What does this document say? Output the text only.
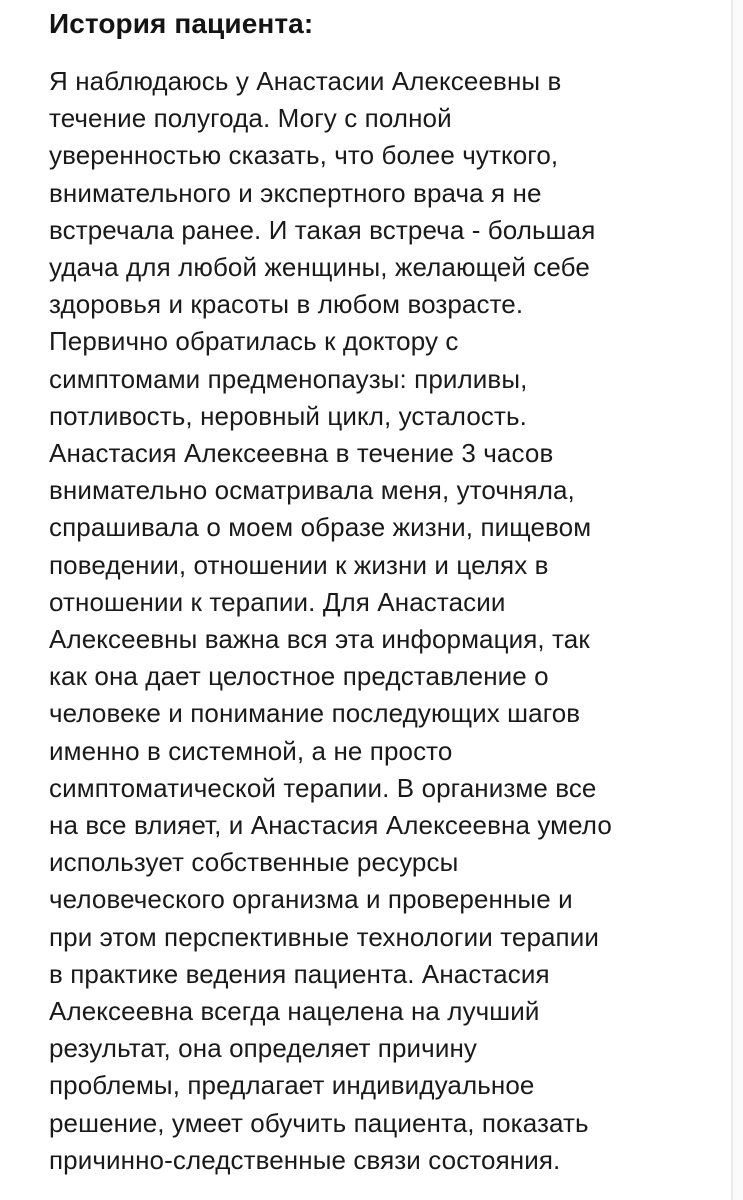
История пациента:
Я наблюдаюсь у Анастасии Алексеевны в
течение полугода. Могу с полной
уверенностью сказать, что более чуткого,
внимательного и экспертного врача я не
встречала ранее. И такая встреча - большая
удача для любой женщины, желающей себе
здоровья и красоты в любом возрасте.
Первично обратилась к доктору с
симптомами предменопаузы: приливы,
потливость, неровный цикл, усталость.
Анастасия Алексеевна в течение 3 часов
внимательно осматривала меня, уточняла,
спрашивала о моем образе жизни, пищевом
поведении, отношении к жизни и целях в
отношении к терапии. Для Анастасии
Алексеевны важна вся эта информация, так
как она дает целостное представление о
человеке и понимание последующих шагов
именно в системной, а не просто
симптоматической терапии. В организме все
на все влияет, и Анастасия Алексеевна умело
использует собственные ресурсы
человеческого организма и проверенные и
при этом перспективные технологии терапии
в практике ведения пациента. Анастасия
Алексеевна всегда нацелена на лучший
результат, она определяет причину
проблемы, предлагает индивидуальное
решение, умеет обучить пациента, показать
причинно-следственные связи состояния.
